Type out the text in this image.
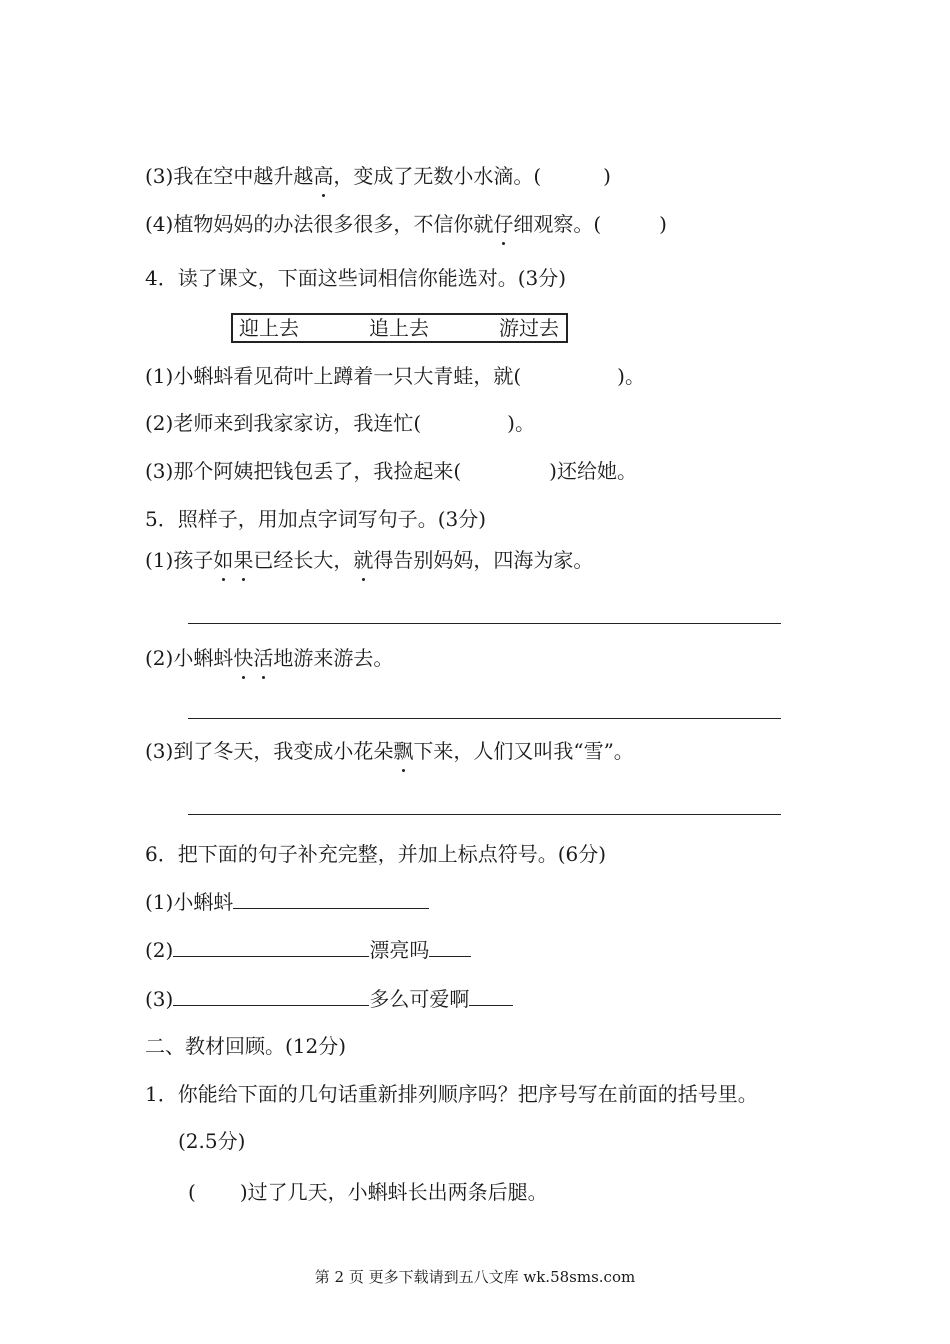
(3)我在空中越升越高，变成了无数小水滴。(	)
(4)植物妈妈的办法很多很多，不信你就仔细观察。(	)
4．读了课文，下面这些词相信你能选对。(3分)
迎上去	追上去	游过去
(1)小蝌蚪看见荷叶上蹲着一只大青蛙，就(	)。
(2)老师来到我家家访，我连忙(	)。
(3)那个阿姨把钱包丢了，我捡起来(	)还给她。
5．照样子，用加点字词写句子。(3分)
(1)孩子如果已经长大，就得告别妈妈，四海为家。
(2)小蝌蚪快活地游来游去。
(3)到了冬天，我变成小花朵飘下来，人们又叫我“雪”。
6．把下面的句子补充完整，并加上标点符号。(6分)
(1)小蝌蚪
(2)	漂亮吗
(3)	多么可爱啊
二、教材回顾。(12分)
1．你能给下面的几句话重新排列顺序吗？把序号写在前面的括号里。
(2.5分)
( )过了几天，小蝌蚪长出两条后腿。
第 2 页 更多下载请到五八文库 wk.58sms.com
